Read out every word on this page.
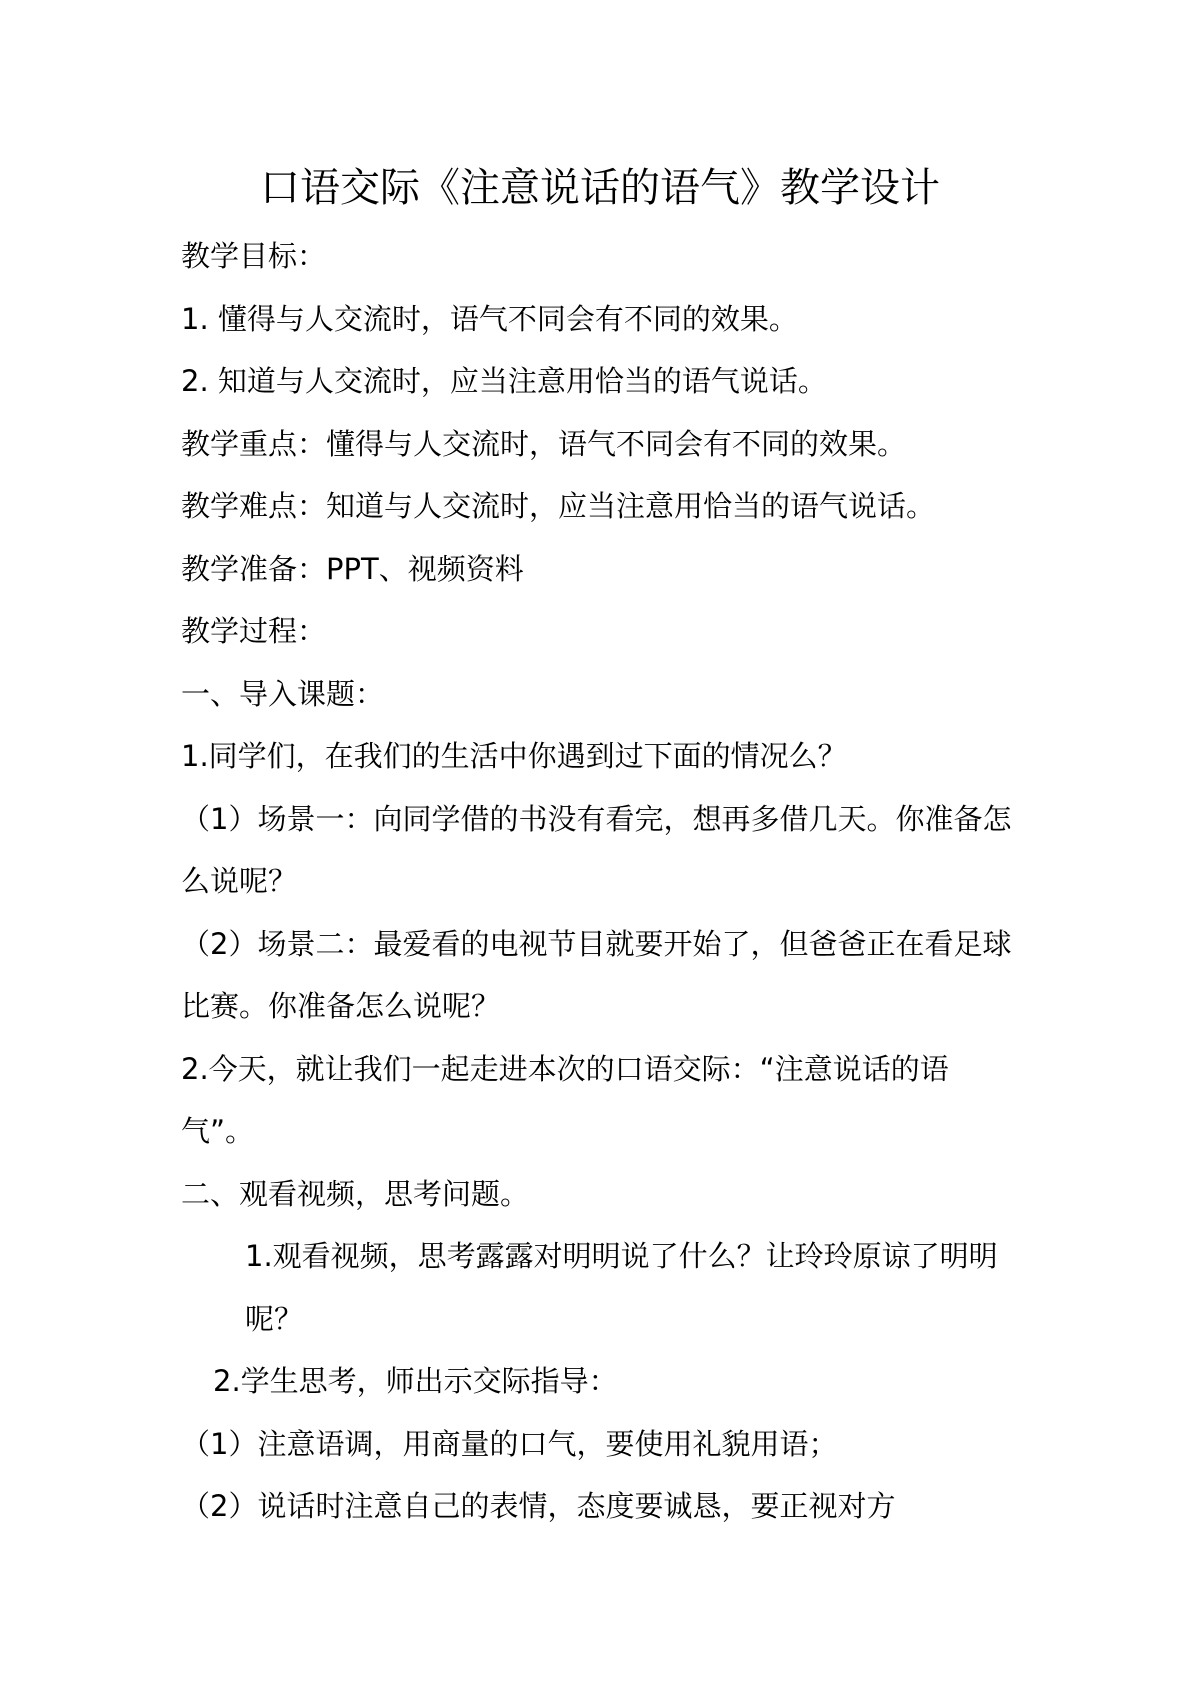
口语交际《注意说话的语气》教学设计

教学目标：

1. 懂得与人交流时，语气不同会有不同的效果。

2. 知道与人交流时，应当注意用恰当的语气说话。

教学重点：懂得与人交流时，语气不同会有不同的效果。

教学难点：知道与人交流时，应当注意用恰当的语气说话。

教学准备：PPT、视频资料

教学过程：

一、导入课题：

1.同学们，在我们的生活中你遇到过下面的情况么？

（1）场景一：向同学借的书没有看完，想再多借几天。你准备怎么说呢？

（2）场景二：最爱看的电视节目就要开始了，但爸爸正在看足球比赛。你准备怎么说呢？

2.今天，就让我们一起走进本次的口语交际：“注意说话的语气”。

二、观看视频，思考问题。

1.观看视频，思考露露对明明说了什么？让玲玲原谅了明明呢？

2.学生思考，师出示交际指导：

（1）注意语调，用商量的口气，要使用礼貌用语；

（2）说话时注意自己的表情，态度要诚恳，要正视对方
